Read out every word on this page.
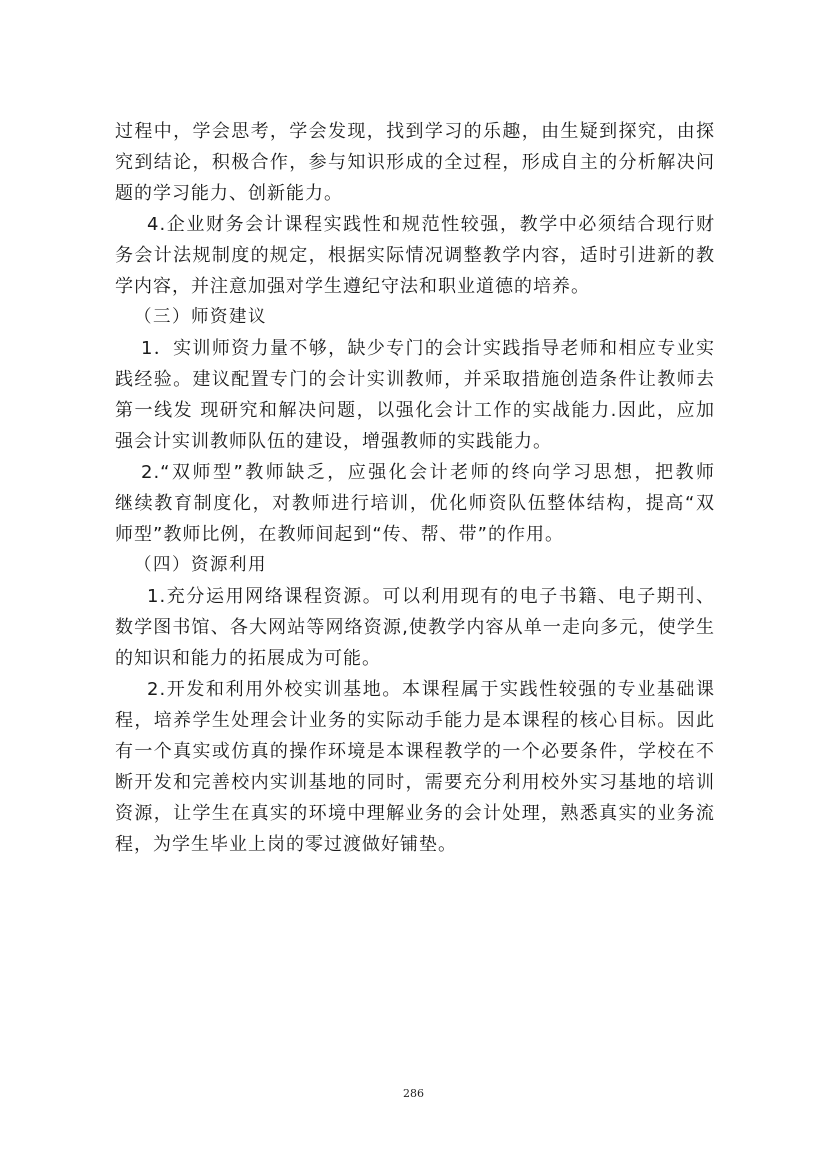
过程中，学会思考，学会发现，找到学习的乐趣，由生疑到探究，由探
究到结论，积极合作，参与知识形成的全过程，形成自主的分析解决问
题的学习能力、创新能力。
4.企业财务会计课程实践性和规范性较强，教学中必须结合现行财
务会计法规制度的规定，根据实际情况调整教学内容，适时引进新的教
学内容，并注意加强对学生遵纪守法和职业道德的培养。
（三）师资建议
1．实训师资力量不够，缺少专门的会计实践指导老师和相应专业实
践经验。建议配置专门的会计实训教师，并采取措施创造条件让教师去
第一线发 现研究和解决问题，以强化会计工作的实战能力.因此，应加
强会计实训教师队伍的建设，增强教师的实践能力。
2.“双师型”教师缺乏，应强化会计老师的终向学习思想，把教师
继续教育制度化，对教师进行培训，优化师资队伍整体结构，提高“双
师型”教师比例，在教师间起到“传、帮、带”的作用。
（四）资源利用
1.充分运用网络课程资源。可以利用现有的电子书籍、电子期刊、
数学图书馆、各大网站等网络资源,使教学内容从单一走向多元，使学生
的知识和能力的拓展成为可能。
2.开发和利用外校实训基地。本课程属于实践性较强的专业基础课
程，培养学生处理会计业务的实际动手能力是本课程的核心目标。因此
有一个真实或仿真的操作环境是本课程教学的一个必要条件，学校在不
断开发和完善校内实训基地的同时，需要充分利用校外实习基地的培训
资源，让学生在真实的环境中理解业务的会计处理，熟悉真实的业务流
程，为学生毕业上岗的零过渡做好铺垫。
286
